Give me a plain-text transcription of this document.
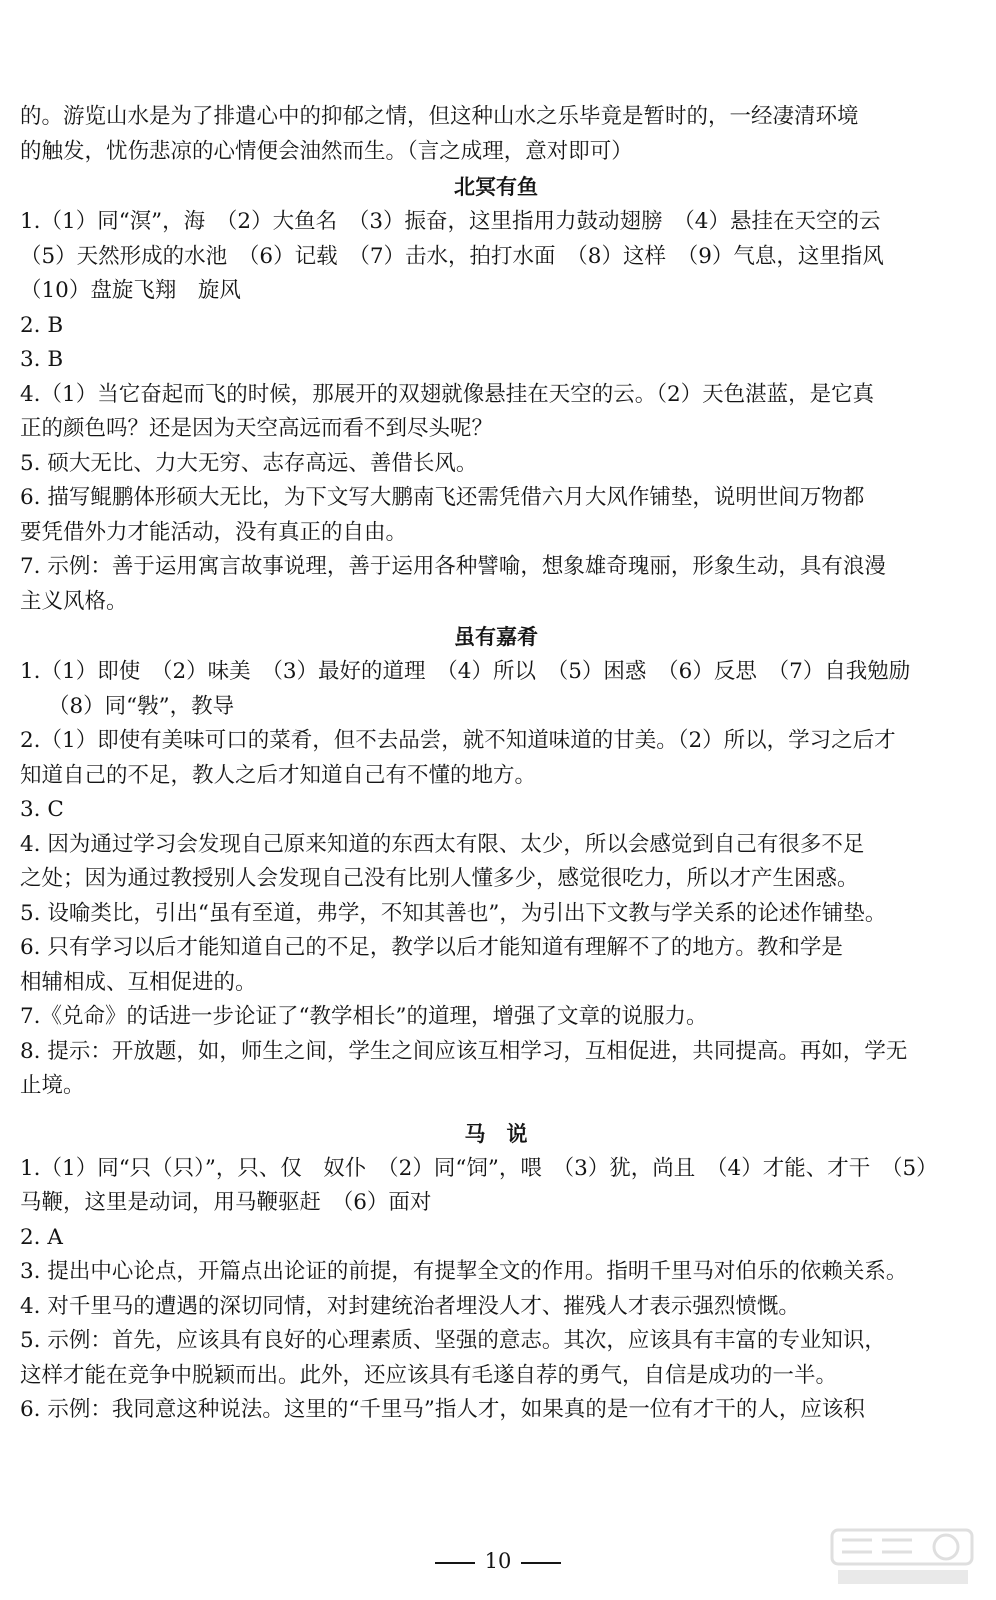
的。游览山水是为了排遣心中的抑郁之情，但这种山水之乐毕竟是暂时的，一经凄清环境

的触发，忧伤悲凉的心情便会油然而生。（言之成理，意对即可）

北冥有鱼

1.（1）同“溟”，海　（2）大鱼名　（3）振奋，这里指用力鼓动翅膀　（4）悬挂在天空的云

（5）天然形成的水池　（6）记载　（7）击水，拍打水面　（8）这样　（9）气息，这里指风

（10）盘旋飞翔　旋风

2. B

3. B

4.（1）当它奋起而飞的时候，那展开的双翅就像悬挂在天空的云。（2）天色湛蓝，是它真

正的颜色吗？还是因为天空高远而看不到尽头呢？

5. 硕大无比、力大无穷、志存高远、善借长风。

6. 描写鲲鹏体形硕大无比，为下文写大鹏南飞还需凭借六月大风作铺垫，说明世间万物都

要凭借外力才能活动，没有真正的自由。

7. 示例：善于运用寓言故事说理，善于运用各种譬喻，想象雄奇瑰丽，形象生动，具有浪漫

主义风格。

虽有嘉肴

1.（1）即使　（2）味美　（3）最好的道理　（4）所以　（5）困惑　（6）反思　（7）自我勉励

（8）同“斅”，教导

2.（1）即使有美味可口的菜肴，但不去品尝，就不知道味道的甘美。（2）所以，学习之后才

知道自己的不足，教人之后才知道自己有不懂的地方。

3. C

4. 因为通过学习会发现自己原来知道的东西太有限、太少，所以会感觉到自己有很多不足

之处；因为通过教授别人会发现自己没有比别人懂多少，感觉很吃力，所以才产生困惑。

5. 设喻类比，引出“虽有至道，弗学，不知其善也”，为引出下文教与学关系的论述作铺垫。

6. 只有学习以后才能知道自己的不足，教学以后才能知道有理解不了的地方。教和学是

相辅相成、互相促进的。

7.《兑命》的话进一步论证了“教学相长”的道理，增强了文章的说服力。

8. 提示：开放题，如，师生之间，学生之间应该互相学习，互相促进，共同提高。再如，学无

止境。

马　说

1.（1）同“只（只）”，只、仅　奴仆　（2）同“饲”，喂　（3）犹，尚且　（4）才能、才干　（5）

马鞭，这里是动词，用马鞭驱赶　（6）面对

2. A

3. 提出中心论点，开篇点出论证的前提，有提挈全文的作用。指明千里马对伯乐的依赖关系。

4. 对千里马的遭遇的深切同情，对封建统治者埋没人才、摧残人才表示强烈愤慨。

5. 示例：首先，应该具有良好的心理素质、坚强的意志。其次，应该具有丰富的专业知识，

这样才能在竞争中脱颖而出。此外，还应该具有毛遂自荐的勇气，自信是成功的一半。

6. 示例：我同意这种说法。这里的“千里马”指人才，如果真的是一位有才干的人，应该积

10
